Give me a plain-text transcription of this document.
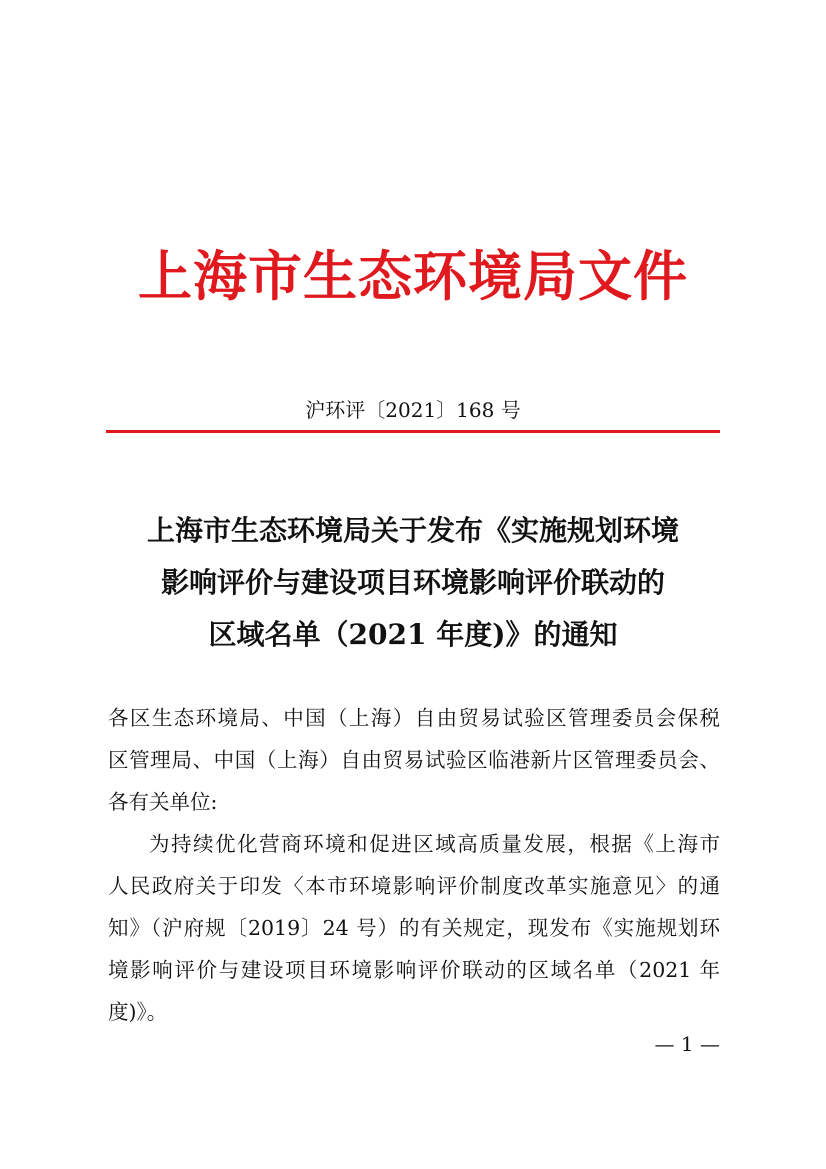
上海市生态环境局文件
沪环评〔2021〕168 号
上海市生态环境局关于发布《实施规划环境
影响评价与建设项目环境影响评价联动的
区域名单（2021 年度)》的通知
各区生态环境局、中国（上海）自由贸易试验区管理委员会保税
区管理局、中国（上海）自由贸易试验区临港新片区管理委员会、
各有关单位:
为持续优化营商环境和促进区域高质量发展，根据《上海市
人民政府关于印发〈本市环境影响评价制度改革实施意见〉的通
知》（沪府规〔2019〕24 号）的有关规定，现发布《实施规划环
境影响评价与建设项目环境影响评价联动的区域名单（2021 年
度)》。
— 1 —
